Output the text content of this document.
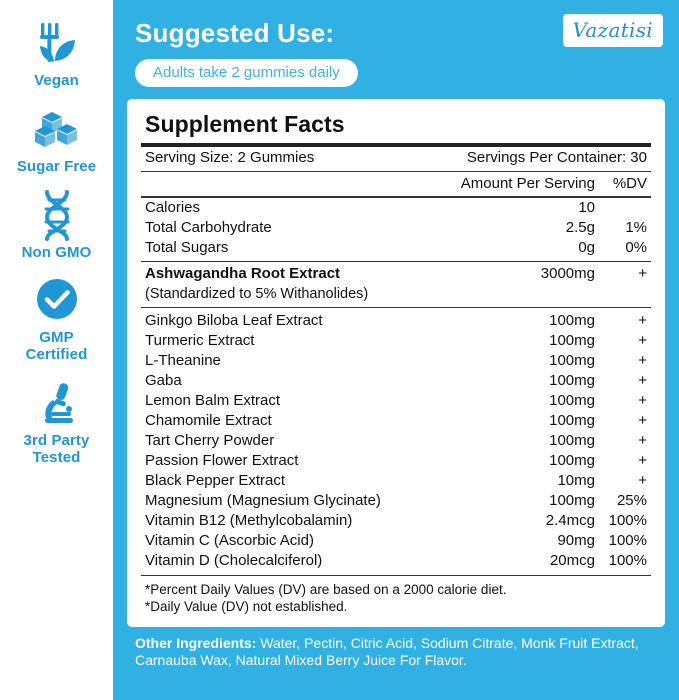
Vegan
Sugar Free
Non GMO
GMP
Certified
3rd Party
Tested
Suggested Use:
Adults take 2 gummies daily
Vazatisi
Supplement Facts
Serving Size: 2 Gummies	Servings Per Container: 30
Amount Per Serving	%DV
Calories	10
Total Carbohydrate	2.5g	1%
Total Sugars	0g	0%
Ashwagandha Root Extract	3000mg	+
(Standardized to 5% Withanolides)
Ginkgo Biloba Leaf Extract	100mg	+
Turmeric Extract	100mg	+
L-Theanine	100mg	+
Gaba	100mg	+
Lemon Balm Extract	100mg	+
Chamomile Extract	100mg	+
Tart Cherry Powder	100mg	+
Passion Flower Extract	100mg	+
Black Pepper Extract	10mg	+
Magnesium (Magnesium Glycinate)	100mg	25%
Vitamin B12 (Methylcobalamin)	2.4mcg 100%
Vitamin C (Ascorbic Acid)	90mg 100%
Vitamin D (Cholecalciferol)	20mcg 100%
*Percent Daily Values (DV) are based on a 2000 calorie diet.
*Daily Value (DV) not established.
Other Ingredients: Water, Pectin, Citric Acid, Sodium Citrate, Monk Fruit Extract, Carnauba Wax, Natural Mixed Berry Juice For Flavor.
